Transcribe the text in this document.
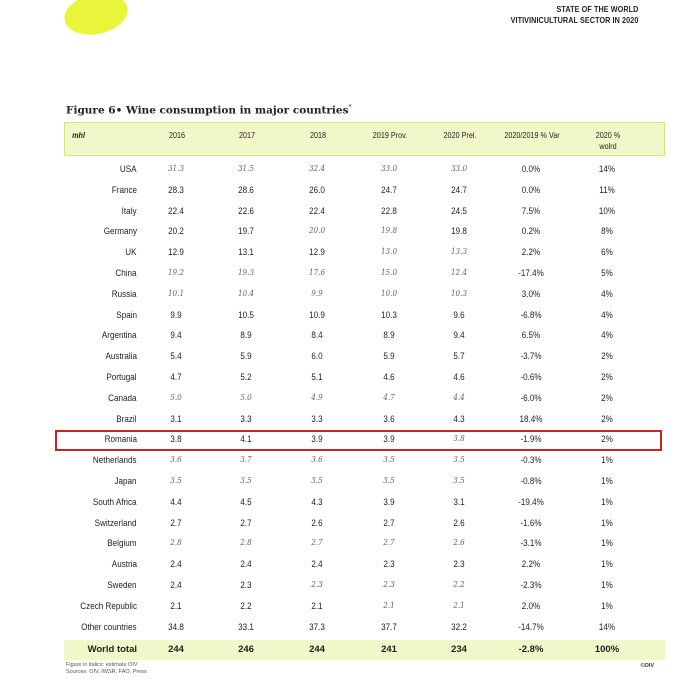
STATE OF THE WORLD
VITIVINICULTURAL SECTOR IN 2020
Figure 6• Wine consumption in major countries*
mhl	2016	2017	2018	2019 Prov.	2020 Prel.	2020/2019 % Var	2020 % wolrd
USA	31.3	31.5	32.4	33.0	33.0	0.0%	14%
France	28.3	28.6	26.0	24.7	24.7	0.0%	11%
Italy	22.4	22.6	22.4	22.8	24.5	7.5%	10%
Germany	20.2	19.7	20.0	19.8	19.8	0.2%	8%
UK	12.9	13.1	12.9	13.0	13.3	2.2%	6%
China	19.2	19.3	17.6	15.0	12.4	-17.4%	5%
Russia	10.1	10.4	9.9	10.0	10.3	3.0%	4%
Spain	9.9	10.5	10.9	10.3	9.6	-6.8%	4%
Argentina	9.4	8.9	8.4	8.9	9.4	6.5%	4%
Australia	5.4	5.9	6.0	5.9	5.7	-3.7%	2%
Portugal	4.7	5.2	5.1	4.6	4.6	-0.6%	2%
Canada	5.0	5.0	4.9	4.7	4.4	-6.0%	2%
Brazil	3.1	3.3	3.3	3.6	4.3	18.4%	2%
Romania	3.8	4.1	3.9	3.9	3.8	-1.9%	2%
Netherlands	3.6	3.7	3.6	3.5	3.5	-0.3%	1%
Japan	3.5	3.5	3.5	3.5	3.5	-0.8%	1%
South Africa	4.4	4.5	4.3	3.9	3.1	-19.4%	1%
Switzerland	2.7	2.7	2.6	2.7	2.6	-1.6%	1%
Belgium	2.8	2.8	2.7	2.7	2.6	-3.1%	1%
Austria	2.4	2.4	2.4	2.3	2.3	2.2%	1%
Sweden	2.4	2.3	2.3	2.3	2.2	-2.3%	1%
Czech Republic	2.1	2.2	2.1	2.1	2.1	2.0%	1%
Other countries	34.8	33.1	37.3	37.7	32.2	-14.7%	14%
World total	244	246	244	241	234	-2.8%	100%
Figure in italics: estimate OIV
Sources: OIV, IWSR, FAO, Press
©OIV
